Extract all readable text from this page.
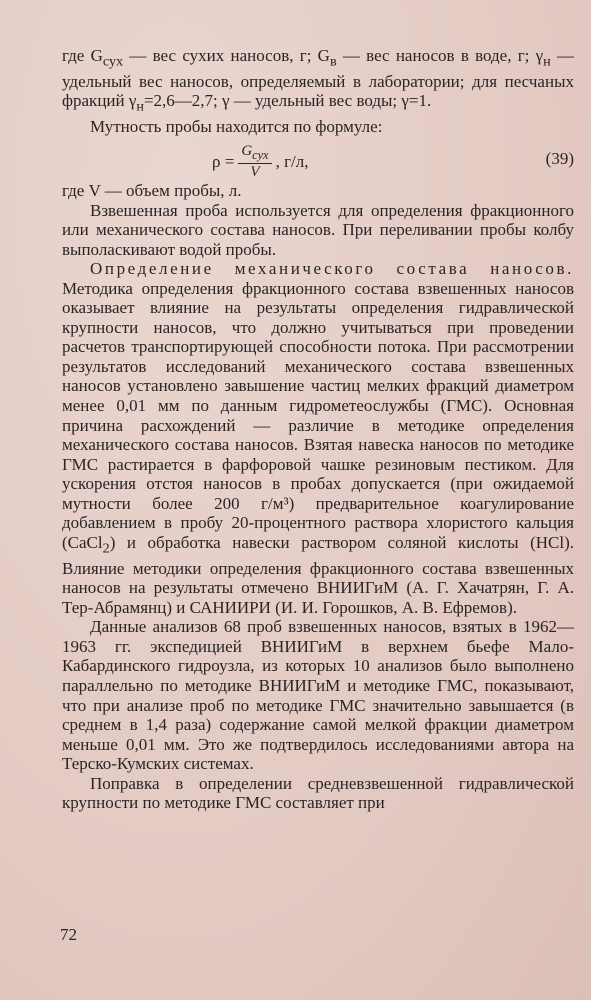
где $G_{сух}$ — вес сухих наносов, г; $G_в$ — вес наносов в воде, г; $\gamma_н$ — удельный вес наносов, определяемый в лаборатории; для песчаных фракций $\gamma_н=2,6—2,7$; γ — удельный вес воды; γ=1.

Мутность пробы находится по формуле:

$\rho = \frac{G_{сух}}{V}$ , г/л,	(39)

где V — объем пробы, л.

Взвешенная проба используется для определения фракционного или механического состава наносов. При переливании пробы колбу выполаскивают водой пробы.

Определение механического состава наносов. Методика определения фракционного состава взвешенных наносов оказывает влияние на результаты определения гидравлической крупности наносов, что должно учитываться при проведении расчетов транспортирующей способности потока. При рассмотрении результатов исследований механического состава взвешенных наносов установлено завышение частиц мелких фракций диаметром менее 0,01 мм по данным гидрометеослужбы (ГМС). Основная причина расхождений — различие в методике определения механического состава наносов. Взятая навеска наносов по методике ГМС растирается в фарфоровой чашке резиновым пестиком. Для ускорения отстоя наносов в пробах допускается (при ожидаемой мутности более 200 г/м³) предварительное коагулирование добавлением в пробу 20-процентного раствора хлористого кальция (CaCl$_2$) и обработка навески раствором соляной кислоты (HCl). Влияние методики определения фракционного состава взвешенных наносов на результаты отмечено ВНИИГиМ (А. Г. Хачатрян, Г. А. Тер-Абрамянц) и САНИИРИ (И. И. Горошков, А. В. Ефремов).

Данные анализов 68 проб взвешенных наносов, взятых в 1962—1963 гг. экспедицией ВНИИГиМ в верхнем бьефе Мало-Кабардинского гидроузла, из которых 10 анализов было выполнено параллельно по методике ВНИИГиМ и методике ГМС, показывают, что при анализе проб по методике ГМС значительно завышается (в среднем в 1,4 раза) содержание самой мелкой фракции диаметром меньше 0,01 мм. Это же подтвердилось исследованиями автора на Терско-Кумских системах.

Поправка в определении средневзвешенной гидравлической крупности по методике ГМС составляет при

72
